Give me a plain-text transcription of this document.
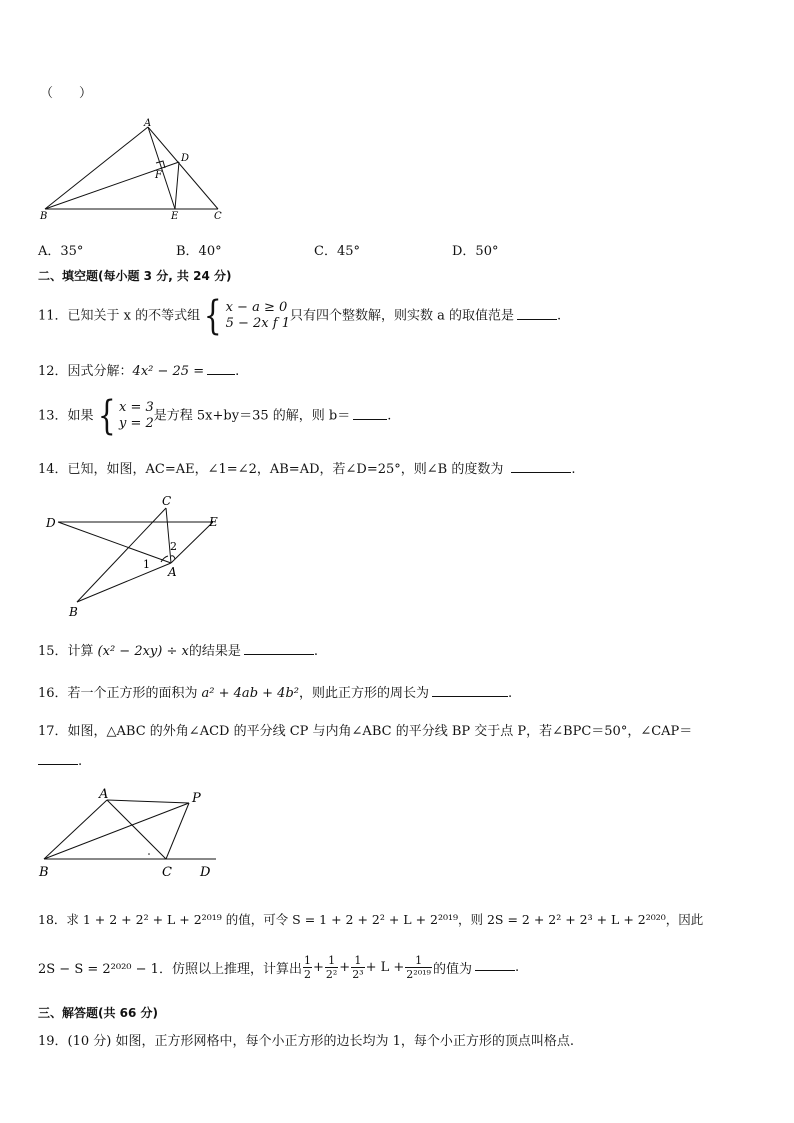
（　　）
A
D
F
B	E	C
A．35°	B．40°	C．45°	D．50°
二、填空题(每小题 3 分, 共 24 分)
11．已知关于 x 的不等式组{ x − a ≥ 0
5 − 2x f 1 只有四个整数解，则实数 a 的取值范是	.
12．因式分解：4x² − 25 = .
13．如果{ x = 3
y = 2 是方程 5x+by＝35 的解，则 b＝	.
14．已知，如图，AC=AE，∠1=∠2，AB=AD，若∠D=25°，则∠B 的度数为	.
C
D	E
2
1
A
B
15．计算 (x² − 2xy) ÷ x的结果是	.
16．若一个正方形的面积为 a² + 4ab + 4b²，则此正方形的周长为	.
17．如图，△ABC 的外角∠ACD 的平分线 CP 与内角∠ABC 的平分线 BP 交于点 P，若∠BPC＝50°，∠CAP＝
.
A	P
B	C D
18．求 1 + 2 + 2² + L + 2²⁰¹⁹ 的值，可令 S = 1 + 2 + 2² + L + 2²⁰¹⁹，则 2S = 2 + 2² + 2³ + L + 2²⁰²⁰，因此
2S − S = 2²⁰²⁰ − 1．仿照以上推理，计算出 $\frac{1}{2} + \frac{1}{\text{2²}} + \frac{1}{\text{2³}} + L + \frac{1}{\text{2²⁰¹⁹}}$ 的值为	.
三、解答题(共 66 分)
19．(10 分) 如图，正方形网格中，每个小正方形的边长均为 1，每个小正方形的顶点叫格点.
